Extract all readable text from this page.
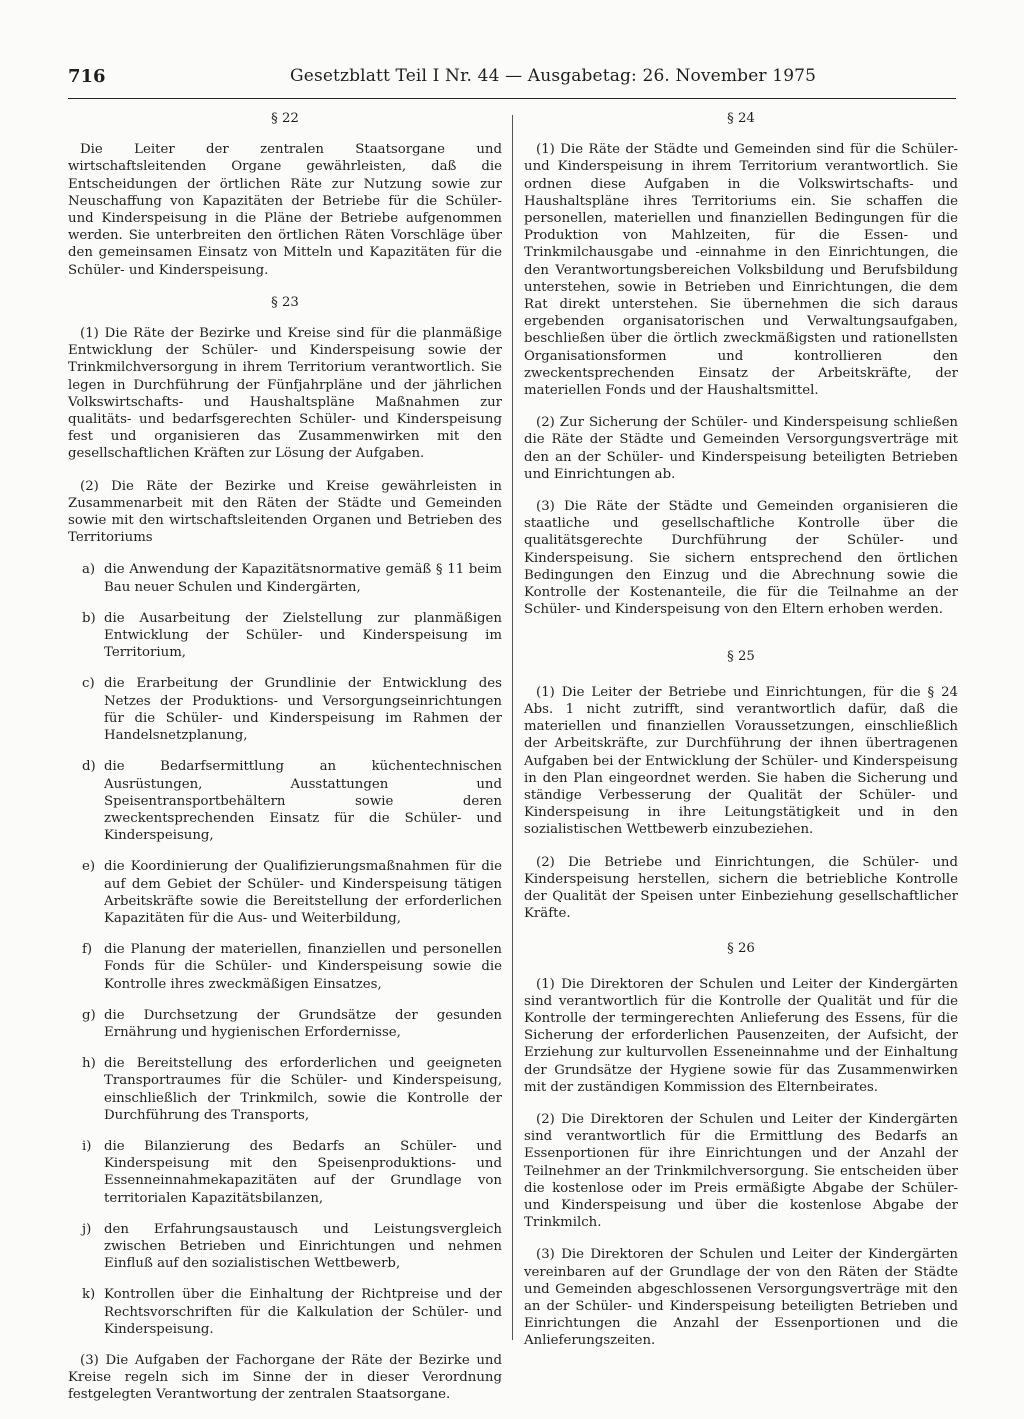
716	Gesetzblatt Teil I Nr. 44 — Ausgabetag: 26. November 1975
§ 22

Die Leiter der zentralen Staatsorgane und wirtschaftsleitenden Organe gewährleisten, daß die Entscheidungen der örtlichen Räte zur Nutzung sowie zur Neuschaffung von Kapazitäten der Betriebe für die Schüler- und Kinderspeisung in die Pläne der Betriebe aufgenommen werden. Sie unterbreiten den örtlichen Räten Vorschläge über den gemeinsamen Einsatz von Mitteln und Kapazitäten für die Schüler- und Kinderspeisung.

§ 23

(1) Die Räte der Bezirke und Kreise sind für die planmäßige Entwicklung der Schüler- und Kinderspeisung sowie der Trinkmilchversorgung in ihrem Territorium verantwortlich. Sie legen in Durchführung der Fünfjahrpläne und der jährlichen Volkswirtschafts- und Haushaltspläne Maßnahmen zur qualitäts- und bedarfsgerechten Schüler- und Kinderspeisung fest und organisieren das Zusammenwirken mit den gesellschaftlichen Kräften zur Lösung der Aufgaben.

(2) Die Räte der Bezirke und Kreise gewährleisten in Zusammenarbeit mit den Räten der Städte und Gemeinden sowie mit den wirtschaftsleitenden Organen und Betrieben des Territoriums

a) die Anwendung der Kapazitätsnormative gemäß § 11 beim Bau neuer Schulen und Kindergärten,
b) die Ausarbeitung der Zielstellung zur planmäßigen Entwicklung der Schüler- und Kinderspeisung im Territorium,
c) die Erarbeitung der Grundlinie der Entwicklung des Netzes der Produktions- und Versorgungseinrichtungen für die Schüler- und Kinderspeisung im Rahmen der Handelsnetzplanung,
d) die Bedarfsermittlung an küchentechnischen Ausrüstungen, Ausstattungen und Speisentransportbehältern sowie deren zweckentsprechenden Einsatz für die Schüler- und Kinderspeisung,
e) die Koordinierung der Qualifizierungsmaßnahmen für die auf dem Gebiet der Schüler- und Kinderspeisung tätigen Arbeitskräfte sowie die Bereitstellung der erforderlichen Kapazitäten für die Aus- und Weiterbildung,
f) die Planung der materiellen, finanziellen und personellen Fonds für die Schüler- und Kinderspeisung sowie die Kontrolle ihres zweckmäßigen Einsatzes,
g) die Durchsetzung der Grundsätze der gesunden Ernährung und hygienischen Erfordernisse,
h) die Bereitstellung des erforderlichen und geeigneten Transportraumes für die Schüler- und Kinderspeisung, einschließlich der Trinkmilch, sowie die Kontrolle der Durchführung des Transports,
i) die Bilanzierung des Bedarfs an Schüler- und Kinderspeisung mit den Speisenproduktions- und Essenneinnahmekapazitäten auf der Grundlage von territorialen Kapazitätsbilanzen,
j) den Erfahrungsaustausch und Leistungsvergleich zwischen Betrieben und Einrichtungen und nehmen Einfluß auf den sozialistischen Wettbewerb,
k) Kontrollen über die Einhaltung der Richtpreise und der Rechtsvorschriften für die Kalkulation der Schüler- und Kinderspeisung.

(3) Die Aufgaben der Fachorgane der Räte der Bezirke und Kreise regeln sich im Sinne der in dieser Verordnung festgelegten Verantwortung der zentralen Staatsorgane.

§ 24

(1) Die Räte der Städte und Gemeinden sind für die Schüler- und Kinderspeisung in ihrem Territorium verantwortlich. Sie ordnen diese Aufgaben in die Volkswirtschafts- und Haushaltspläne ihres Territoriums ein. Sie schaffen die personellen, materiellen und finanziellen Bedingungen für die Produktion von Mahlzeiten, für die Essen- und Trinkmilchausgabe und -einnahme in den Einrichtungen, die den Verantwortungsbereichen Volksbildung und Berufsbildung unterstehen, sowie in Betrieben und Einrichtungen, die dem Rat direkt unterstehen. Sie übernehmen die sich daraus ergebenden organisatorischen und Verwaltungsaufgaben, beschließen über die örtlich zweckmäßigsten und rationellsten Organisationsformen und kontrollieren den zweckentsprechenden Einsatz der Arbeitskräfte, der materiellen Fonds und der Haushaltsmittel.

(2) Zur Sicherung der Schüler- und Kinderspeisung schließen die Räte der Städte und Gemeinden Versorgungsverträge mit den an der Schüler- und Kinderspeisung beteiligten Betrieben und Einrichtungen ab.

(3) Die Räte der Städte und Gemeinden organisieren die staatliche und gesellschaftliche Kontrolle über die qualitätsgerechte Durchführung der Schüler- und Kinderspeisung. Sie sichern entsprechend den örtlichen Bedingungen den Einzug und die Abrechnung sowie die Kontrolle der Kostenanteile, die für die Teilnahme an der Schüler- und Kinderspeisung von den Eltern erhoben werden.

§ 25

(1) Die Leiter der Betriebe und Einrichtungen, für die § 24 Abs. 1 nicht zutrifft, sind verantwortlich dafür, daß die materiellen und finanziellen Voraussetzungen, einschließlich der Arbeitskräfte, zur Durchführung der ihnen übertragenen Aufgaben bei der Entwicklung der Schüler- und Kinderspeisung in den Plan eingeordnet werden. Sie haben die Sicherung und ständige Verbesserung der Qualität der Schüler- und Kinderspeisung in ihre Leitungstätigkeit und in den sozialistischen Wettbewerb einzubeziehen.

(2) Die Betriebe und Einrichtungen, die Schüler- und Kinderspeisung herstellen, sichern die betriebliche Kontrolle der Qualität der Speisen unter Einbeziehung gesellschaftlicher Kräfte.

§ 26

(1) Die Direktoren der Schulen und Leiter der Kindergärten sind verantwortlich für die Kontrolle der Qualität und für die Kontrolle der termingerechten Anlieferung des Essens, für die Sicherung der erforderlichen Pausenzeiten, der Aufsicht, der Erziehung zur kulturvollen Esseneinnahme und der Einhaltung der Grundsätze der Hygiene sowie für das Zusammenwirken mit der zuständigen Kommission des Elternbeirates.

(2) Die Direktoren der Schulen und Leiter der Kindergärten sind verantwortlich für die Ermittlung des Bedarfs an Essenportionen für ihre Einrichtungen und der Anzahl der Teilnehmer an der Trinkmilchversorgung. Sie entscheiden über die kostenlose oder im Preis ermäßigte Abgabe der Schüler- und Kinderspeisung und über die kostenlose Abgabe der Trinkmilch.

(3) Die Direktoren der Schulen und Leiter der Kindergärten vereinbaren auf der Grundlage der von den Räten der Städte und Gemeinden abgeschlossenen Versorgungsverträge mit den an der Schüler- und Kinderspeisung beteiligten Betrieben und Einrichtungen die Anzahl der Essenportionen und die Anlieferungszeiten.
